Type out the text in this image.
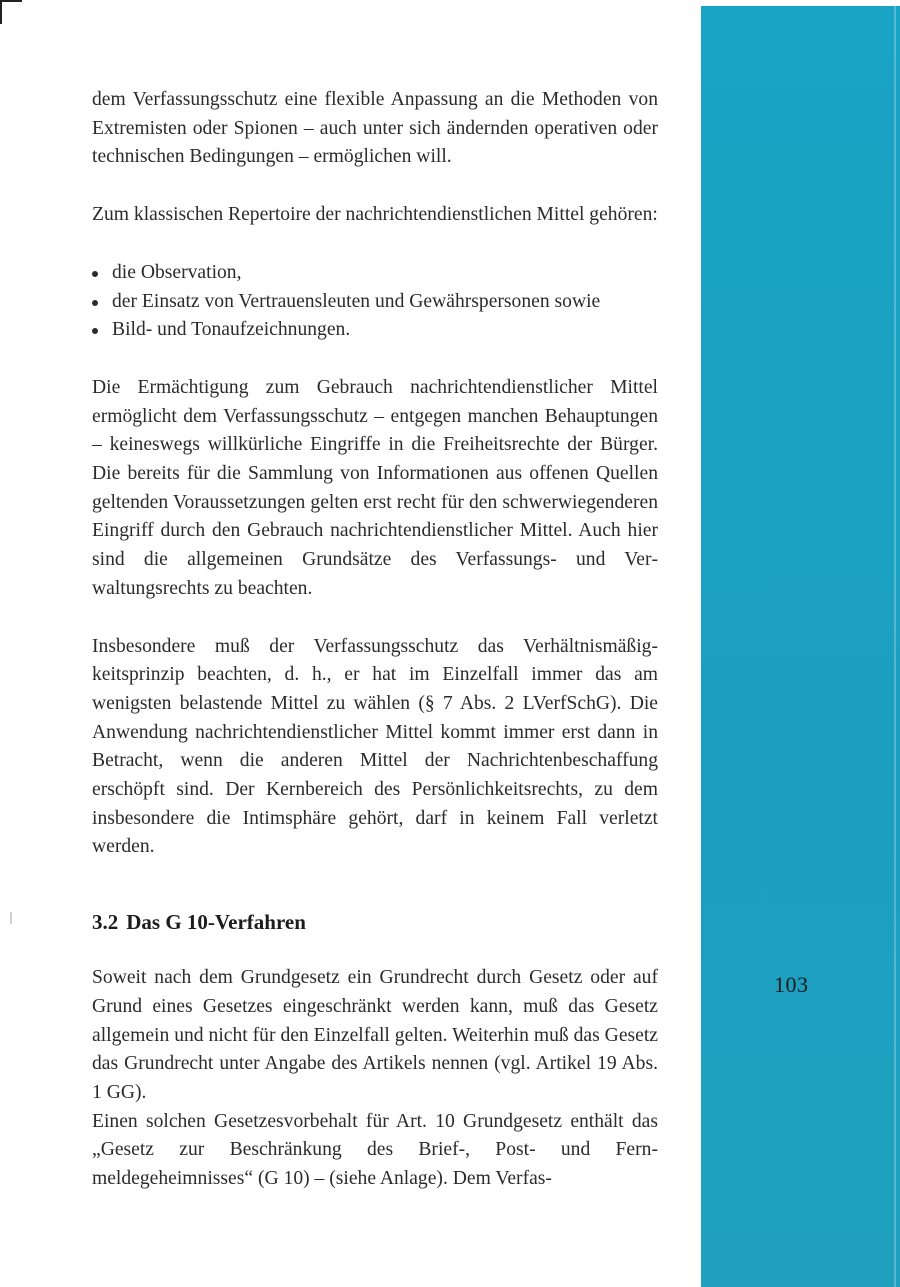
103

dem Verfassungsschutz eine flexible Anpassung an die Methoden von Extremisten oder Spionen – auch unter sich ändernden operativen oder technischen Bedingungen – ermöglichen will.

Zum klassischen Repertoire der nachrichtendienstlichen Mittel gehören:

die Observation,
der Einsatz von Vertrauensleuten und Gewährspersonen sowie
Bild- und Tonaufzeichnungen.

Die Ermächtigung zum Gebrauch nachrichtendienstlicher Mittel ermöglicht dem Verfassungsschutz – entgegen manchen Behauptungen – keineswegs willkürliche Eingriffe in die Freiheitsrechte der Bürger. Die bereits für die Sammlung von Informationen aus offenen Quellen geltenden Voraussetzungen gelten erst recht für den schwerwiegenderen Eingriff durch den Gebrauch nachrichtendienstlicher Mittel. Auch hier sind die allgemeinen Grundsätze des Verfassungs- und Verwaltungsrechts zu beachten.

Insbesondere muß der Verfassungsschutz das Verhältnismäßigkeitsprinzip beachten, d. h., er hat im Einzelfall immer das am wenigsten belastende Mittel zu wählen (§ 7 Abs. 2 LVerfSchG). Die Anwendung nachrichtendienstlicher Mittel kommt immer erst dann in Betracht, wenn die anderen Mittel der Nachrichtenbeschaffung erschöpft sind. Der Kernbereich des Persönlichkeitsrechts, zu dem insbesondere die Intimsphäre gehört, darf in keinem Fall verletzt werden.

3.2 Das G 10-Verfahren

Soweit nach dem Grundgesetz ein Grundrecht durch Gesetz oder auf Grund eines Gesetzes eingeschränkt werden kann, muß das Gesetz allgemein und nicht für den Einzelfall gelten. Weiterhin muß das Gesetz das Grundrecht unter Angabe des Artikels nennen (vgl. Artikel 19 Abs. 1 GG).

Einen solchen Gesetzesvorbehalt für Art. 10 Grundgesetz enthält das „Gesetz zur Beschränkung des Brief-, Post- und Fernmeldegeheimnisses“ (G 10) – (siehe Anlage). Dem Verfas-
